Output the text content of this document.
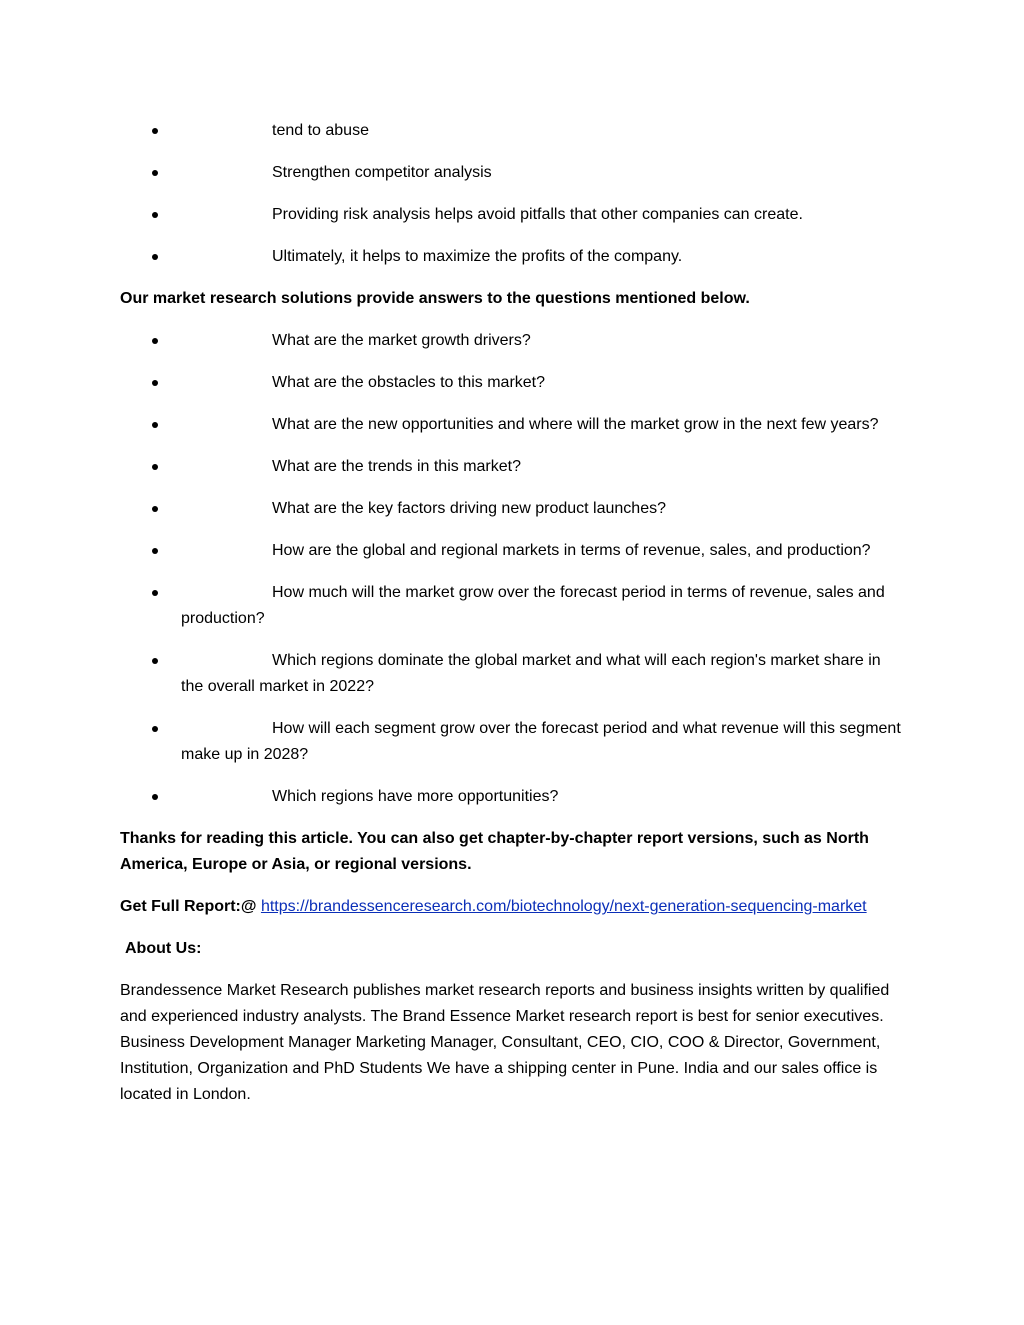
tend to abuse
Strengthen competitor analysis
Providing risk analysis helps avoid pitfalls that other companies can create.
Ultimately, it helps to maximize the profits of the company.

Our market research solutions provide answers to the questions mentioned below.

What are the market growth drivers?
What are the obstacles to this market?
What are the new opportunities and where will the market grow in the next few years?
What are the trends in this market?
What are the key factors driving new product launches?
How are the global and regional markets in terms of revenue, sales, and production?
How much will the market grow over the forecast period in terms of revenue, sales and production?
Which regions dominate the global market and what will each region's market share in the overall market in 2022?
How will each segment grow over the forecast period and what revenue will this segment make up in 2028?
Which regions have more opportunities?

Thanks for reading this article. You can also get chapter-by-chapter report versions, such as North America, Europe or Asia, or regional versions.

Get Full Report:@ https://brandessenceresearch.com/biotechnology/next-generation-sequencing-market

About Us:

Brandessence Market Research publishes market research reports and business insights written by qualified and experienced industry analysts. The Brand Essence Market research report is best for senior executives. Business Development Manager Marketing Manager, Consultant, CEO, CIO, COO & Director, Government, Institution, Organization and PhD Students We have a shipping center in Pune. India and our sales office is located in London.
